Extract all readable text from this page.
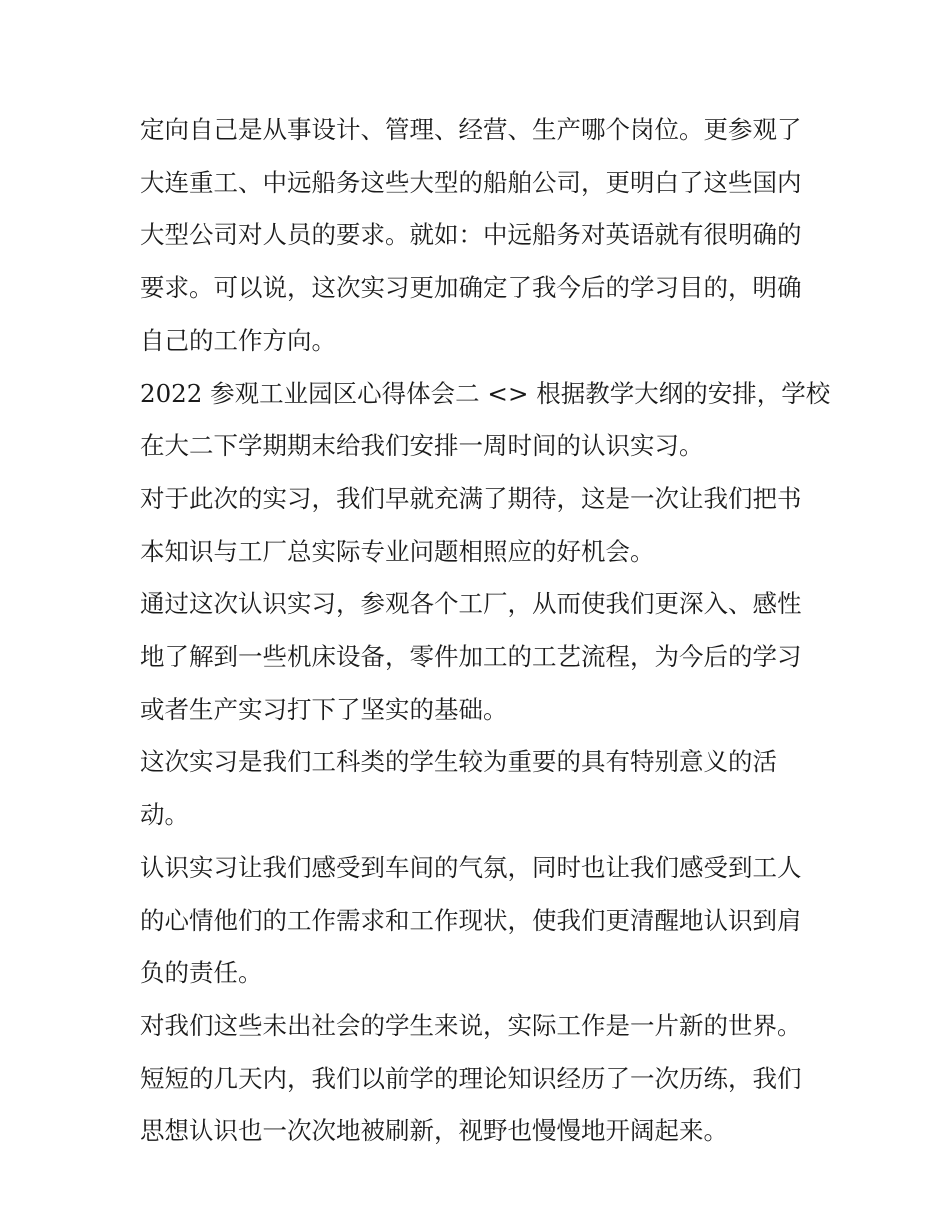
定向自己是从事设计、管理、经营、生产哪个岗位。更参观了
大连重工、中远船务这些大型的船舶公司，更明白了这些国内
大型公司对人员的要求。就如：中远船务对英语就有很明确的
要求。可以说，这次实习更加确定了我今后的学习目的，明确
自己的工作方向。

2022 参观工业园区心得体会二 <> 根据教学大纲的安排，学校
在大二下学期期末给我们安排一周时间的认识实习。

对于此次的实习，我们早就充满了期待，这是一次让我们把书
本知识与工厂总实际专业问题相照应的好机会。

通过这次认识实习，参观各个工厂，从而使我们更深入、感性
地了解到一些机床设备，零件加工的工艺流程，为今后的学习
或者生产实习打下了坚实的基础。

这次实习是我们工科类的学生较为重要的具有特别意义的活
动。

认识实习让我们感受到车间的气氛，同时也让我们感受到工人
的心情他们的工作需求和工作现状，使我们更清醒地认识到肩
负的责任。

对我们这些未出社会的学生来说，实际工作是一片新的世界。

短短的几天内，我们以前学的理论知识经历了一次历练，我们
思想认识也一次次地被刷新，视野也慢慢地开阔起来。
